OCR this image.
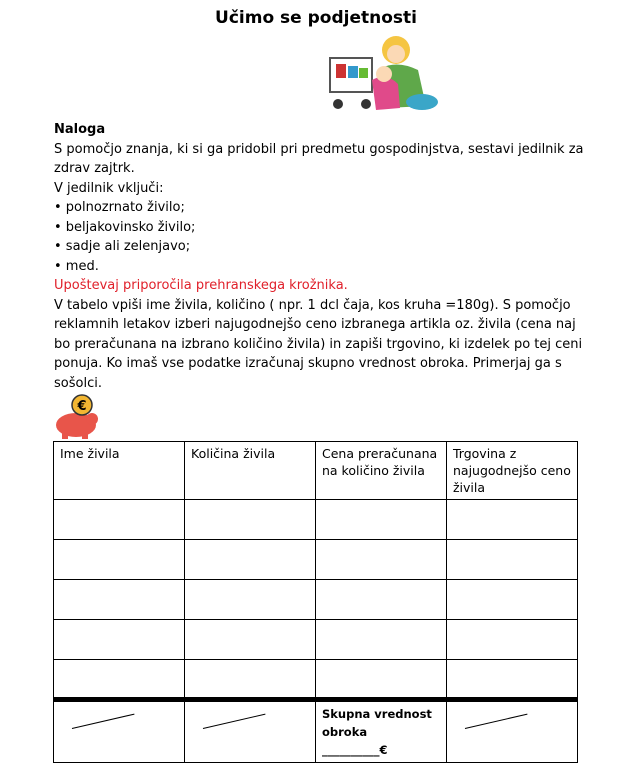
Učimo se podjetnosti

Naloga

S pomočjo znanja, ki si ga pridobil pri predmetu gospodinjstva, sestavi jedilnik za zdrav zajtrk.

V jedilnik vključi:

• polnozrnato živilo;

• beljakovinsko živilo;

• sadje ali zelenjavo;

• med.

Upoštevaj priporočila prehranskega krožnika.

V tabelo vpiši ime živila, količino ( npr. 1 dcl čaja, kos kruha =180g). S pomočjo reklamnih letakov izberi najugodnejšo ceno izbranega artikla oz. živila (cena naj bo preračunana na izbrano količino živila) in zapiši trgovino, ki izdelek po tej ceni ponuja. Ko imaš vse podatke izračunaj skupno vrednost obroka. Primerjaj ga s sošolci.

€
Ime živila	Količina živila	Cena preračunana na količino živila	Trgovina z najugodnejšo ceno živila

		Skupna vrednost obroka
__________€	
